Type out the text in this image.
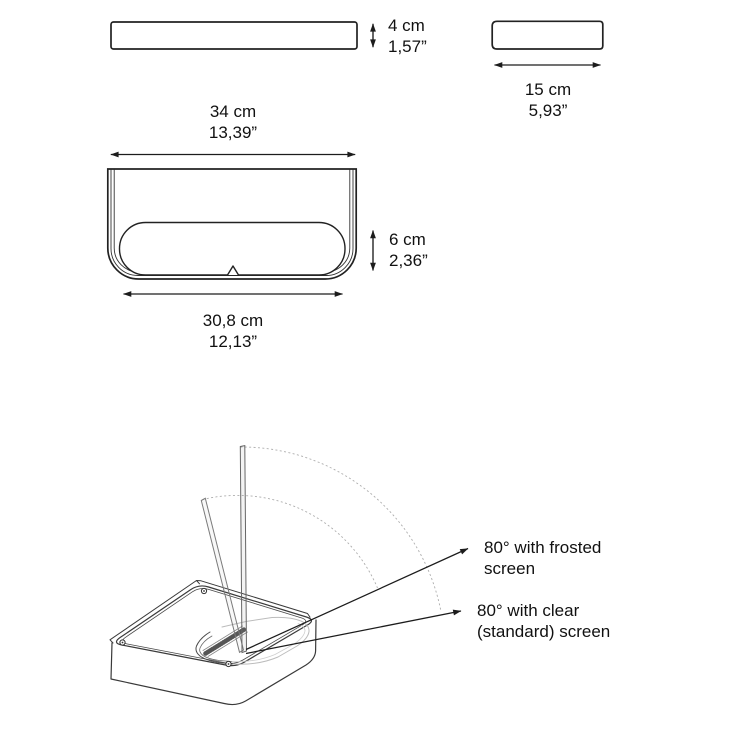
4 cm
1,57”
15 cm
5,93”
34 cm
13,39”
6 cm
2,36”
30,8 cm
12,13”
80° with frosted
screen
80° with clear
(standard) screen
